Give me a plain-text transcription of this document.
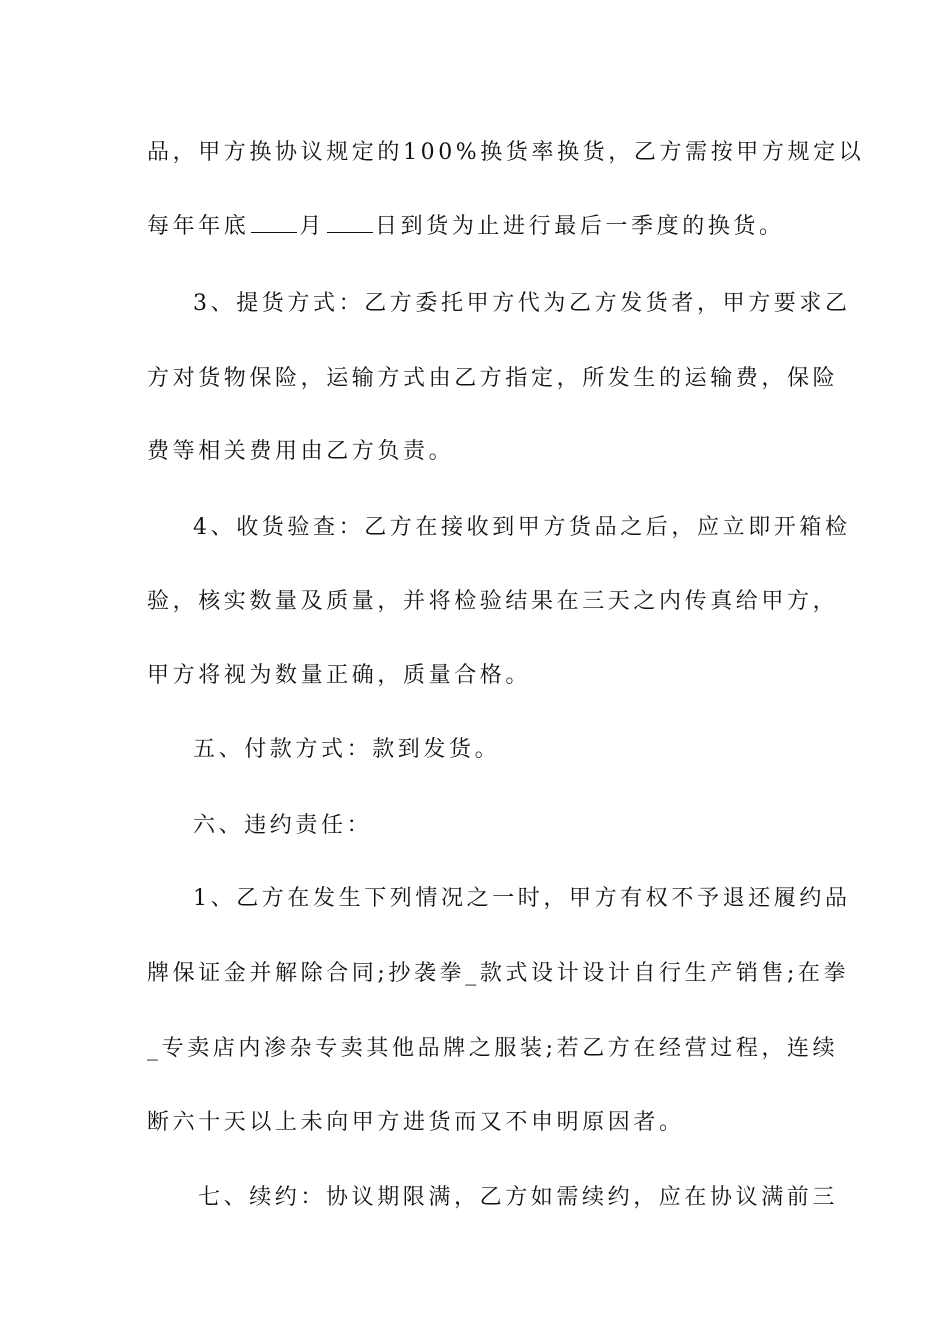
品，甲方换协议规定的100%换货率换货，乙方需按甲方规定以
每年年底 月 日到货为止进行最后一季度的换货。
3、提货方式：乙方委托甲方代为乙方发货者，甲方要求乙
方对货物保险，运输方式由乙方指定，所发生的运输费，保险
费等相关费用由乙方负责。
4、收货验查：乙方在接收到甲方货品之后，应立即开箱检
验，核实数量及质量，并将检验结果在三天之内传真给甲方，
甲方将视为数量正确，质量合格。
五、付款方式：款到发货。
六、违约责任：
1、乙方在发生下列情况之一时，甲方有权不予退还履约品
牌保证金并解除合同;抄袭拳_款式设计设计自行生产销售;在拳
_专卖店内渗杂专卖其他品牌之服装;若乙方在经营过程，连续
断六十天以上未向甲方进货而又不申明原因者。
七、续约：协议期限满，乙方如需续约，应在协议满前三
